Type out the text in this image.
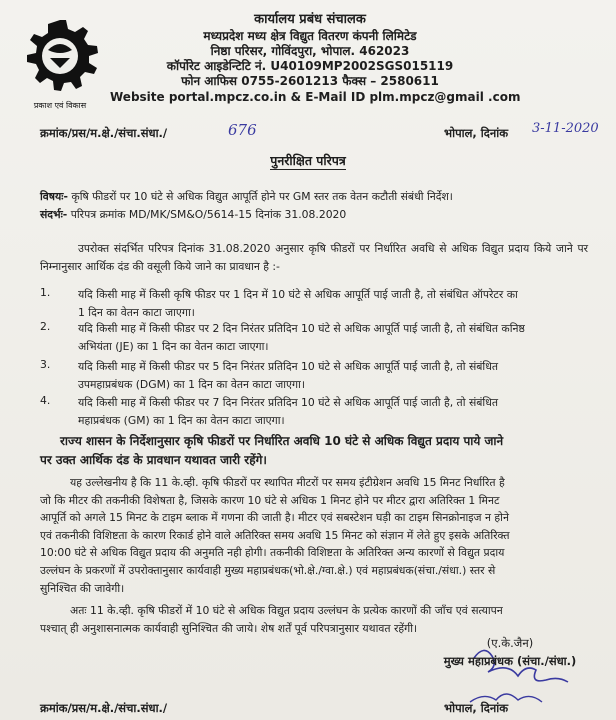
प्रकाश एवं विकास
कार्यालय प्रबंध संचालक
मध्यप्रदेश मध्य क्षेत्र विद्युत वितरण कंपनी लिमिटेड
निष्ठा परिसर, गोविंदपुरा, भोपाल. 462023
कॉर्पोरेट आइडेन्टिटि नं. U40109MP2002SGS015119
फोन आफिस 0755-2601213 फैक्स – 2580611
Website portal.mpcz.co.in & E-Mail ID plm.mpcz@gmail .com
क्रमांक/प्रस/म.क्षे./संचा.संधा./	676	भोपाल, दिनांक 3-11-2020
पुनरीक्षित परिपत्र
विषयः- कृषि फीडरों पर 10 घंटे से अधिक विद्युत आपूर्ति होने पर GM स्तर तक वेतन कटौती संबंधी निर्देश।
संदर्भः- परिपत्र क्रमांक MD/MK/SM&O/5614-15 दिनांक 31.08.2020
उपरोक्त संदर्भित परिपत्र दिनांक 31.08.2020 अनुसार कृषि फीडरों पर निर्धारित अवधि से अधिक विद्युत प्रदाय किये जाने पर निम्नानुसार आर्थिक दंड की वसूली किये जाने का प्रावधान है :-
1.	यदि किसी माह में किसी कृषि फीडर पर 1 दिन में 10 घंटे से अधिक आपूर्ति पाई जाती है, तो संबंधित ऑपरेटर का
1 दिन का वेतन काटा जाएगा।
2.	यदि किसी माह में किसी फीडर पर 2 दिन निरंतर प्रतिदिन 10 घंटे से अधिक आपूर्ति पाई जाती है, तो संबंधित कनिष्ठ
अभियंता (JE) का 1 दिन का वेतन काटा जाएगा।
3.	यदि किसी माह में किसी फीडर पर 5 दिन निरंतर प्रतिदिन 10 घंटे से अधिक आपूर्ति पाई जाती है, तो संबंधित
उपमहाप्रबंधक (DGM) का 1 दिन का वेतन काटा जाएगा।
4.	यदि किसी माह में किसी फीडर पर 7 दिन निरंतर प्रतिदिन 10 घंटे से अधिक आपूर्ति पाई जाती है, तो संबंधित
महाप्रबंधक (GM) का 1 दिन का वेतन काटा जाएगा।
राज्य शासन के निर्देशानुसार कृषि फीडरों पर निर्धारित अवधि 10 घंटे से अधिक विद्युत प्रदाय पाये जाने
पर उक्त आर्थिक दंड के प्रावधान यथावत जारी रहेंगे।
यह उल्लेखनीय है कि 11 के.व्ही. कृषि फीडरों पर स्थापित मीटरों पर समय इंटीग्रेशन अवधि 15 मिनट निर्धारित है
जो कि मीटर की तकनीकी विशेषता है, जिसके कारण 10 घंटे से अधिक 1 मिनट होने पर मीटर द्वारा अतिरिक्त 1 मिनट
आपूर्ति को अगले 15 मिनट के टाइम ब्लाक में गणना की जाती है। मीटर एवं सबस्टेशन घड़ी का टाइम सिनक्रोनाइज न होने
एवं तकनीकी विशिष्टता के कारण रिकार्ड होने वाले अतिरिक्त समय अवधि 15 मिनट को संज्ञान में लेते हुए इसके अतिरिक्त
10:00 घंटे से अधिक विद्युत प्रदाय की अनुमति नही होगी। तकनीकी विशिष्टता के अतिरिक्त अन्य कारणों से विद्युत प्रदाय
उल्लंघन के प्रकरणों में उपरोक्तानुसार कार्यवाही मुख्य महाप्रबंधक(भो.क्षे./ग्वा.क्षे.) एवं महाप्रबंधक(संचा./संधा.) स्तर से
सुनिश्चित की जावेगी।
अतः 11 के.व्ही. कृषि फीडरों में 10 घंटे से अधिक विद्युत प्रदाय उल्लंघन के प्रत्येक कारणों की जाँच एवं सत्यापन
पश्चात् ही अनुशासनात्मक कार्यवाही सुनिश्चित की जाये। शेष शर्तें पूर्व परिपत्रानुसार यथावत रहेंगी।
(ए.के.जैन)
मुख्य महाप्रबंधक (संचा./संधा.)
क्रमांक/प्रस/म.क्षे./संचा.संधा./	भोपाल, दिनांक
